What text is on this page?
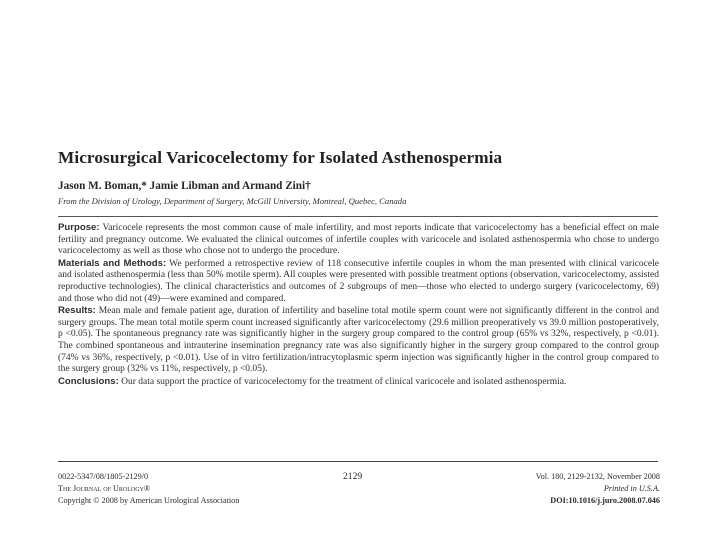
Microsurgical Varicocelectomy for Isolated Asthenospermia
Jason M. Boman,* Jamie Libman and Armand Zini†
From the Division of Urology, Department of Surgery, McGill University, Montreal, Quebec, Canada

Purpose: Varicocele represents the most common cause of male infertility, and most reports indicate that varicocelectomy has a beneficial effect on male fertility and pregnancy outcome. We evaluated the clinical outcomes of infertile couples with varicocele and isolated asthenospermia who chose to undergo varicocelectomy as well as those who chose not to undergo the procedure.

Materials and Methods: We performed a retrospective review of 118 consecutive infertile couples in whom the man presented with clinical varicocele and isolated asthenospermia (less than 50% motile sperm). All couples were presented with possible treatment options (observation, varicocelectomy, assisted reproductive technologies). The clinical characteristics and outcomes of 2 subgroups of men—those who elected to undergo surgery (varicocelectomy, 69) and those who did not (49)—were examined and compared.

Results: Mean male and female patient age, duration of infertility and baseline total motile sperm count were not significantly different in the control and surgery groups. The mean total motile sperm count increased significantly after varicocelectomy (29.6 million preoperatively vs 39.0 million postoperatively, p <0.05). The spontaneous pregnancy rate was significantly higher in the surgery group compared to the control group (65% vs 32%, respectively, p <0.01). The combined spontaneous and intrauterine insemination pregnancy rate was also significantly higher in the surgery group compared to the control group (74% vs 36%, respectively, p <0.01). Use of in vitro fertilization/intracytoplasmic sperm injection was significantly higher in the control group compared to the surgery group (32% vs 11%, respectively, p <0.05).

Conclusions: Our data support the practice of varicocelectomy for the treatment of clinical varicocele and isolated asthenospermia.

0022-5347/08/1805-2129/0
The Journal of Urology®
Copyright © 2008 by American Urological Association
2129	Vol. 180, 2129-2132, November 2008
Printed in U.S.A.
DOI:10.1016/j.juro.2008.07.046
